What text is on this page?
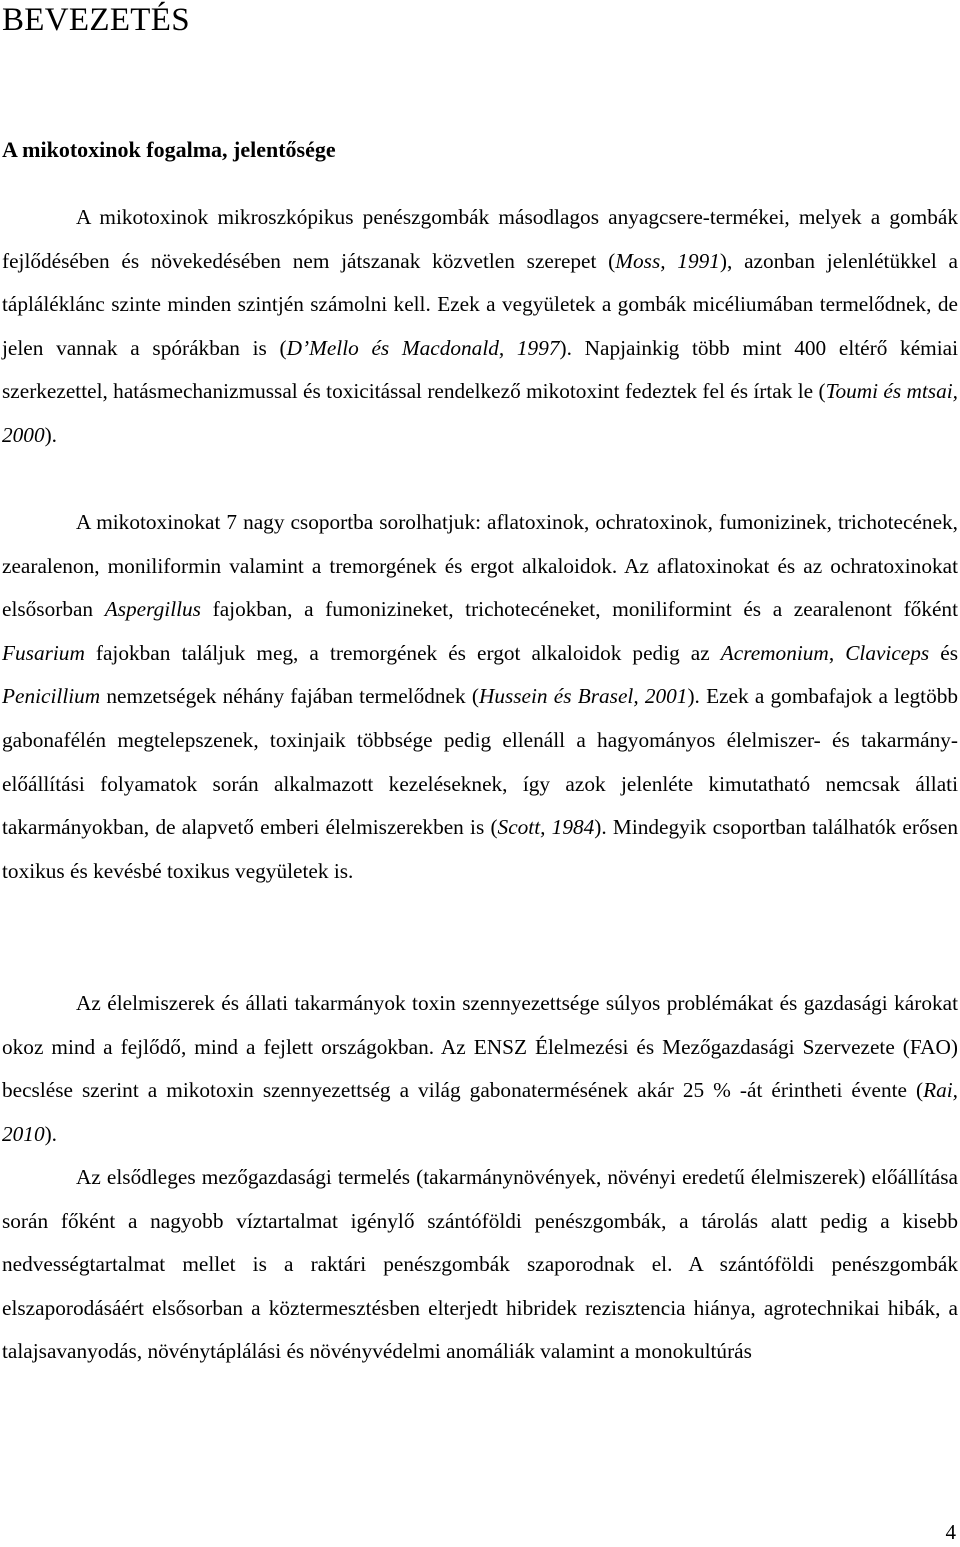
BEVEZETÉS
A mikotoxinok fogalma, jelentősége

A mikotoxinok mikroszkópikus penészgombák másodlagos anyagcsere-termékei, melyek a gombák fejlődésében és növekedésében nem játszanak közvetlen szerepet (Moss, 1991), azonban jelenlétükkel a tápláléklánc szinte minden szintjén számolni kell. Ezek a vegyületek a gombák micéliumában termelődnek, de jelen vannak a spórákban is (D’Mello és Macdonald, 1997). Napjainkig több mint 400 eltérő kémiai szerkezettel, hatásmechanizmussal és toxicitással rendelkező mikotoxint fedeztek fel és írtak le (Toumi és mtsai, 2000).

A mikotoxinokat 7 nagy csoportba sorolhatjuk: aflatoxinok, ochratoxinok, fumonizinek, trichotecének, zearalenon, moniliformin valamint a tremorgének és ergot alkaloidok. Az aflatoxinokat és az ochratoxinokat elsősorban Aspergillus fajokban, a fumonizineket, trichotecéneket, moniliformint és a zearalenont főként Fusarium fajokban találjuk meg, a tremorgének és ergot alkaloidok pedig az Acremonium, Claviceps és Penicillium nemzetségek néhány fajában termelődnek (Hussein és Brasel, 2001). Ezek a gombafajok a legtöbb gabonafélén megtelepszenek, toxinjaik többsége pedig ellenáll a hagyományos élelmiszer- és takarmány-előállítási folyamatok során alkalmazott kezeléseknek, így azok jelenléte kimutatható nemcsak állati takarmányokban, de alapvető emberi élelmiszerekben is (Scott, 1984). Mindegyik csoportban találhatók erősen toxikus és kevésbé toxikus vegyületek is.

Az élelmiszerek és állati takarmányok toxin szennyezettsége súlyos problémákat és gazdasági károkat okoz mind a fejlődő, mind a fejlett országokban. Az ENSZ Élelmezési és Mezőgazdasági Szervezete (FAO) becslése szerint a mikotoxin szennyezettség a világ gabonatermésének akár 25 % -át érintheti évente (Rai, 2010).

Az elsődleges mezőgazdasági termelés (takarmánynövények, növényi eredetű élelmiszerek) előállítása során főként a nagyobb víztartalmat igénylő szántóföldi penészgombák, a tárolás alatt pedig a kisebb nedvességtartalmat mellet is a raktári penészgombák szaporodnak el. A szántóföldi penészgombák elszaporodásáért elsősorban a köztermesztésben elterjedt hibridek rezisztencia hiánya, agrotechnikai hibák, a talajsavanyodás, növénytáplálási és növényvédelmi anomáliák valamint a monokultúrás

4
